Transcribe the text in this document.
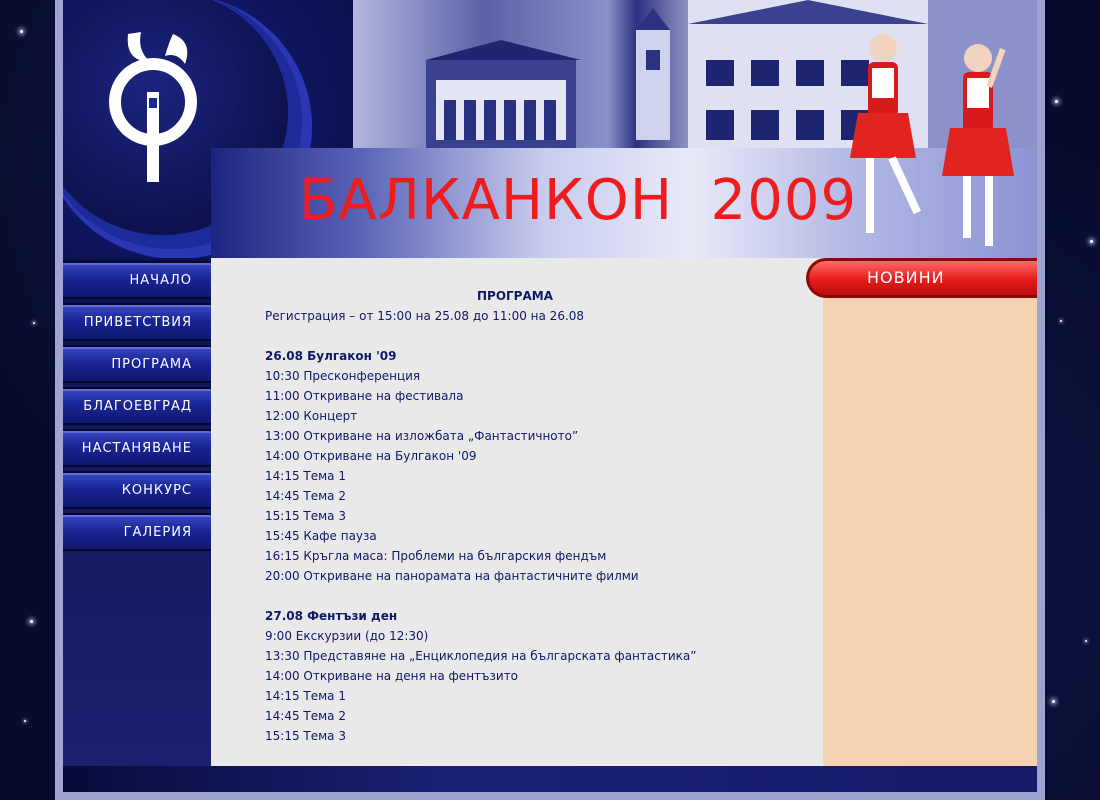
БАЛКАНКОН  2009
НАЧАЛО
ПРИВЕТСТВИЯ
ПРОГРАМА
БЛАГОЕВГРАД
НАСТАНЯВАНЕ
КОНКУРС
ГАЛЕРИЯ
ПРОГРАМА
Регистрация – от 15:00 на 25.08 до 11:00 на 26.08
26.08 Булгакон '09
10:30 Пресконференция
11:00 Откриване на фестивала
12:00 Концерт
13:00 Откриване на изложбата „Фантастичното”
14:00 Откриване на Булгакон '09
14:15 Тема 1
14:45 Тема 2
15:15 Тема 3
15:45 Кафе пауза
16:15 Кръгла маса: Проблеми на българския фендъм
20:00 Откриване на панорамата на фантастичните филми
27.08 Фентъзи ден
9:00 Екскурзии (до 12:30)
13:30 Представяне на „Енциклопедия на българската фантастика”
14:00 Откриване на деня на фентъзито
14:15 Тема 1
14:45 Тема 2
15:15 Тема 3
НОВИНИ
